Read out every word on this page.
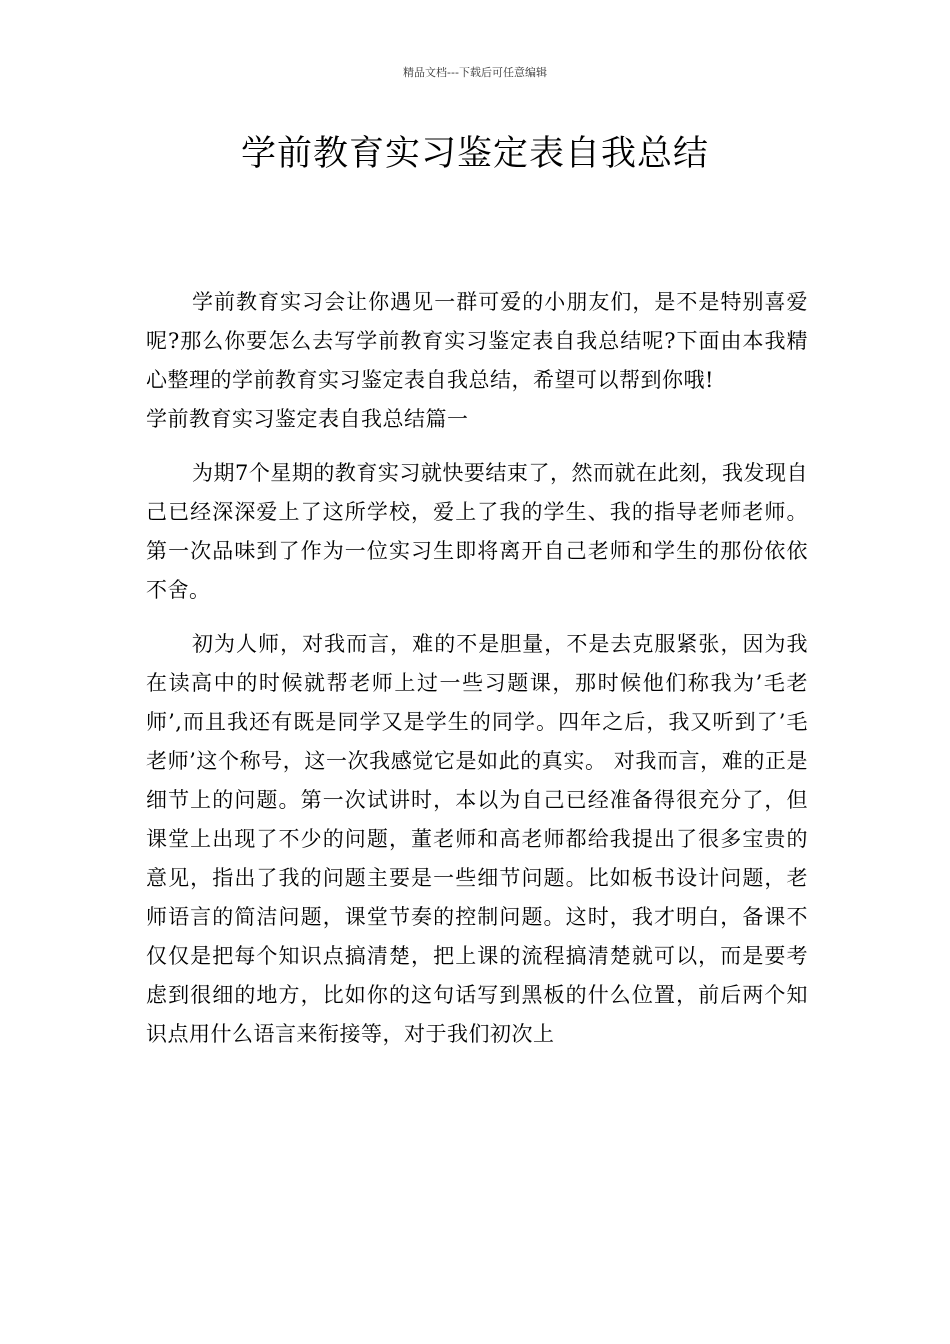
精品文档---下载后可任意编辑
学前教育实习鉴定表自我总结

学前教育实习会让你遇见一群可爱的小朋友们，是不是特别喜爱呢?那么你要怎么去写学前教育实习鉴定表自我总结呢?下面由本我精心整理的学前教育实习鉴定表自我总结，希望可以帮到你哦!

学前教育实习鉴定表自我总结篇一

为期7个星期的教育实习就快要结束了，然而就在此刻，我发现自己已经深深爱上了这所学校，爱上了我的学生、我的指导老师老师。第一次品味到了作为一位实习生即将离开自己老师和学生的那份依依不舍。

初为人师，对我而言，难的不是胆量，不是去克服紧张，因为我在读高中的时候就帮老师上过一些习题课，那时候他们称我为’毛老师’,而且我还有既是同学又是学生的同学。四年之后，我又听到了’毛老师’这个称号，这一次我感觉它是如此的真实。 对我而言，难的正是细节上的问题。第一次试讲时，本以为自己已经准备得很充分了，但课堂上出现了不少的问题，董老师和高老师都给我提出了很多宝贵的意见，指出了我的问题主要是一些细节问题。比如板书设计问题，老师语言的简洁问题，课堂节奏的控制问题。这时，我才明白，备课不仅仅是把每个知识点搞清楚，把上课的流程搞清楚就可以，而是要考虑到很细的地方，比如你的这句话写到黑板的什么位置，前后两个知识点用什么语言来衔接等，对于我们初次上
